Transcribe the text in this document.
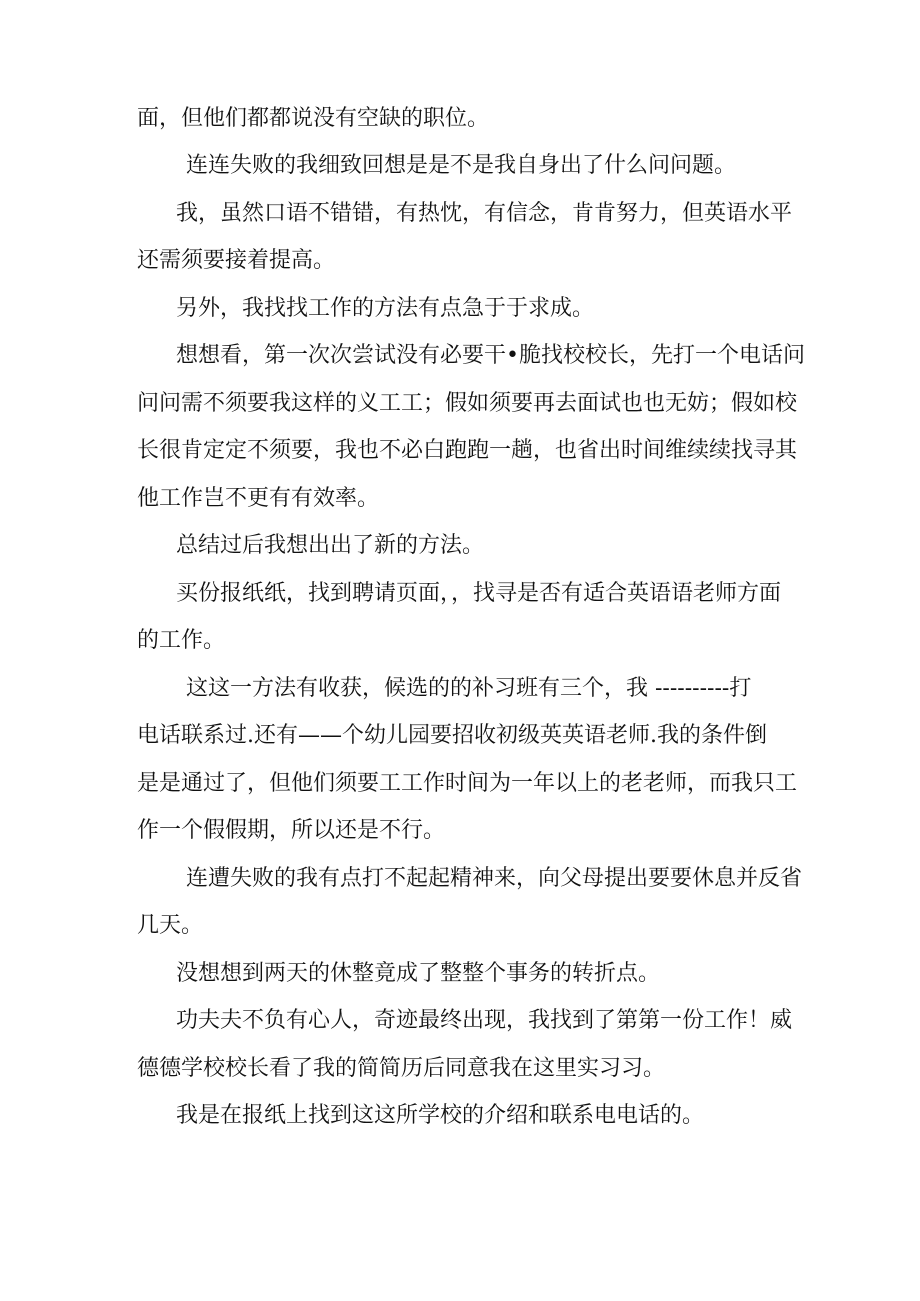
面，但他们都都说没有空缺的职位。
连连失败的我细致回想是是不是我自身出了什么问问题。
我，虽然口语不错错，有热忱，有信念，肯肯努力，但英语水平
还需须要接着提高。
另外，我找找工作的方法有点急于于求成。
想想看，第一次次尝试没有必要干•脆找校校长，先打一个电话问
问问需不须要我这样的义工工；假如须要再去面试也也无妨；假如校
长很肯定定不须要，我也不必白跑跑一趟，也省出时间维续续找寻其
他工作岂不更有有效率。
总结过后我想出出了新的方法。
买份报纸纸，找到聘请页面，，找寻是否有适合英语语老师方面
的工作。
这这一方法有收获，候选的的补习班有三个，我 ----------打
电话联系过.还有——个幼儿园要招收初级英英语老师.我的条件倒
是是通过了，但他们须要工工作时间为一年以上的老老师，而我只工
作一个假假期，所以还是不行。
连遭失败的我有点打不起起精神来，向父母提出要要休息并反省
几天。
没想想到两天的休整竟成了整整个事务的转折点。
功夫夫不负有心人，奇迹最终出现，我找到了第第一份工作！威
德德学校校长看了我的简简历后同意我在这里实习习。
我是在报纸上找到这这所学校的介绍和联系电电话的。
